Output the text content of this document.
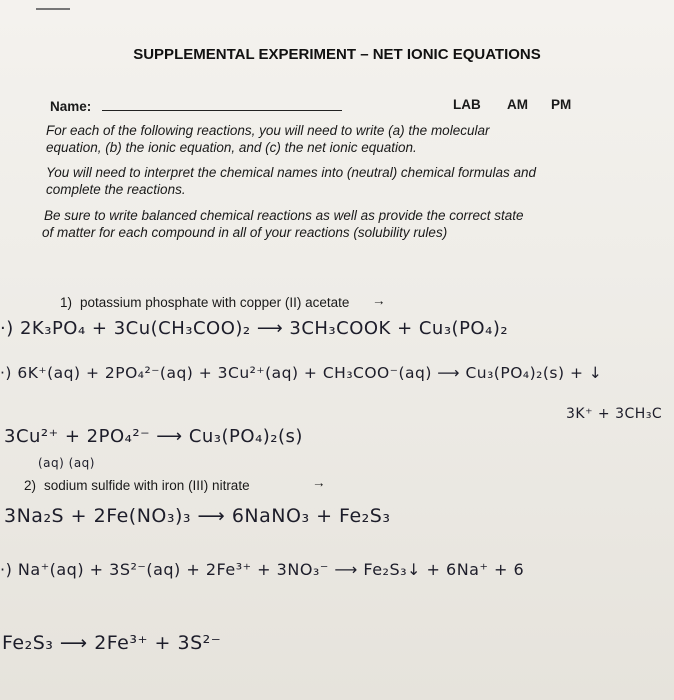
SUPPLEMENTAL EXPERIMENT – NET IONIC EQUATIONS
Name:	LAB AM PM
For each of the following reactions, you will need to write (a) the molecular
equation, (b) the ionic equation, and (c) the net ionic equation.
You will need to interpret the chemical names into (neutral) chemical formulas and
complete the reactions.
Be sure to write balanced chemical reactions as well as provide the correct state
of matter for each compound in all of your reactions (solubility rules)
1) potassium phosphate with copper (II) acetate →
·) 2K₃PO₄ + 3Cu(CH₃COO)₂ ⟶ 3CH₃COOK + Cu₃(PO₄)₂
·) 6K⁺(aq) + 2PO₄²⁻(aq) + 3Cu²⁺(aq) + CH₃COO⁻(aq) ⟶ Cu₃(PO₄)₂(s) + ↓
3K⁺ + 3CH₃C
3Cu²⁺ + 2PO₄²⁻ ⟶ Cu₃(PO₄)₂(s)
(aq) (aq)
2) sodium sulfide with iron (III) nitrate	→
3Na₂S + 2Fe(NO₃)₃ ⟶ 6NaNO₃ + Fe₂S₃
·) Na⁺(aq) + 3S²⁻(aq) + 2Fe³⁺ + 3NO₃⁻ ⟶ Fe₂S₃↓ + 6Na⁺ + 6
Fe₂S₃ ⟶ 2Fe³⁺ + 3S²⁻
